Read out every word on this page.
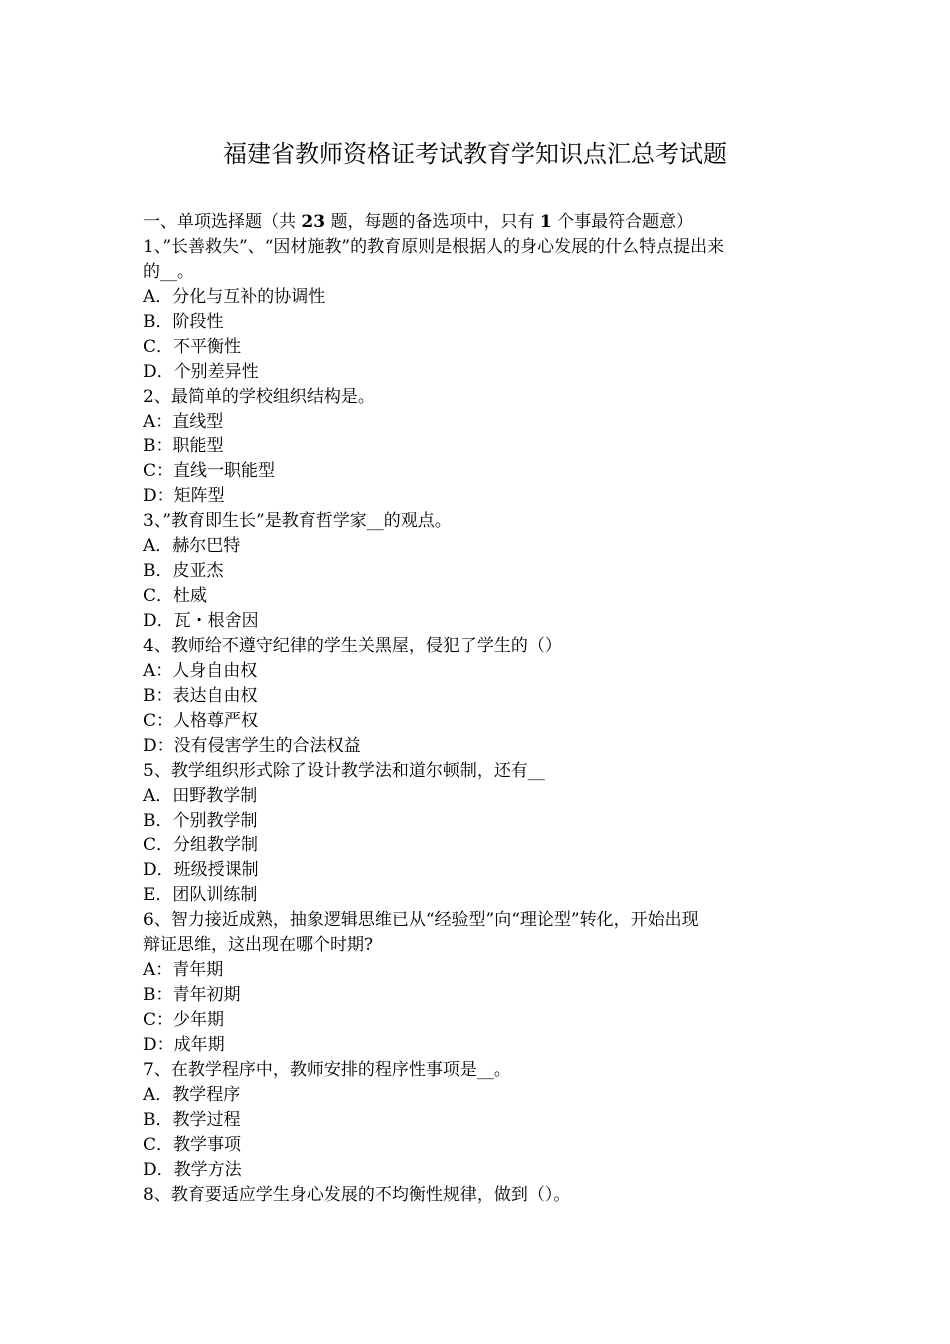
福建省教师资格证考试教育学知识点汇总考试题
一、单项选择题（共 23 题，每题的备选项中，只有 1 个事最符合题意）
1、”长善救失”、“因材施教”的教育原则是根据人的身心发展的什么特点提出来
的__。
A．分化与互补的协调性
B．阶段性
C．不平衡性
D．个别差异性
2、最简单的学校组织结构是。
A：直线型
B：职能型
C：直线一职能型
D：矩阵型
3、”教育即生长”是教育哲学家__的观点。
A．赫尔巴特
B．皮亚杰
C．杜威
D．瓦・根舍因
4、教师给不遵守纪律的学生关黑屋，侵犯了学生的（）
A：人身自由权
B：表达自由权
C：人格尊严权
D：没有侵害学生的合法权益
5、教学组织形式除了设计教学法和道尔顿制，还有__
A．田野教学制
B．个别教学制
C．分组教学制
D．班级授课制
E．团队训练制
6、智力接近成熟，抽象逻辑思维已从“经验型”向“理论型”转化，开始出现
辩证思维，这出现在哪个时期?
A：青年期
B：青年初期
C：少年期
D：成年期
7、在教学程序中，教师安排的程序性事项是__。
A．教学程序
B．教学过程
C．教学事项
D．教学方法
8、教育要适应学生身心发展的不均衡性规律，做到（）。
